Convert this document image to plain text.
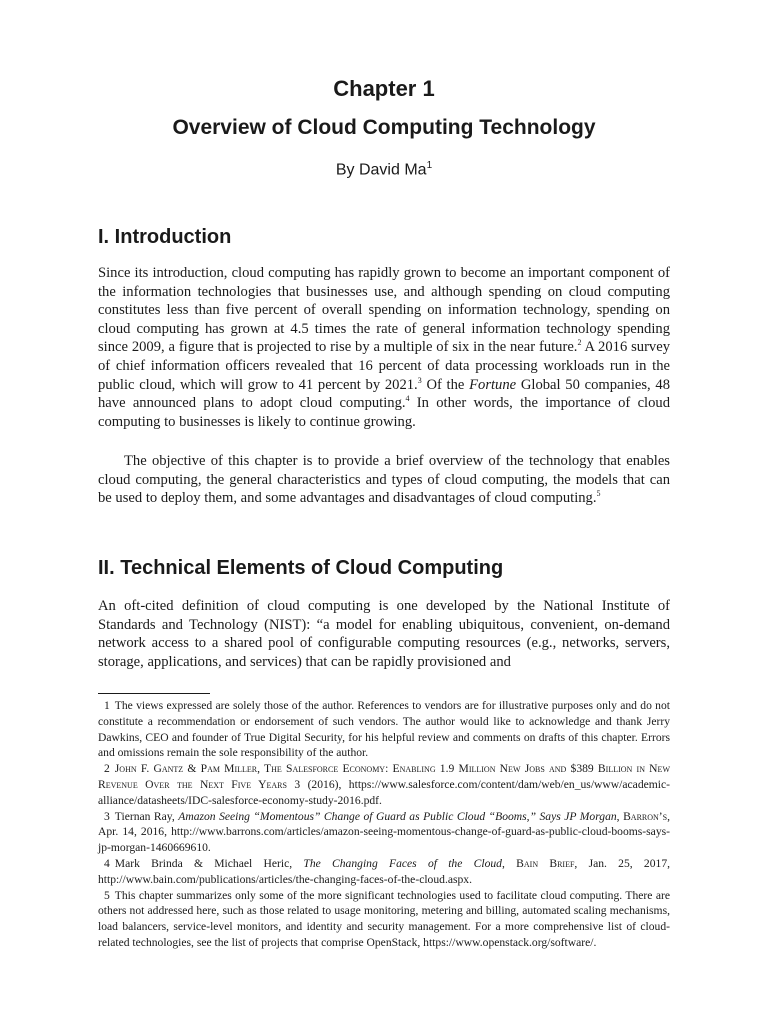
Chapter 1
Overview of Cloud Computing Technology
By David Ma$^1$
I. Introduction

Since its introduction, cloud computing has rapidly grown to become an important component of the information technologies that businesses use, and although spending on cloud computing constitutes less than five percent of overall spending on information technology, spending on cloud computing has grown at 4.5 times the rate of general information technology spending since 2009, a figure that is projected to rise by a multiple of six in the near future.$^2$ A 2016 survey of chief information officers revealed that 16 percent of data processing workloads run in the public cloud, which will grow to 41 percent by 2021.$^3$ Of the Fortune Global 50 companies, 48 have announced plans to adopt cloud computing.$^4$ In other words, the importance of cloud computing to businesses is likely to continue growing.

The objective of this chapter is to provide a brief overview of the technology that enables cloud computing, the general characteristics and types of cloud computing, the models that can be used to deploy them, and some advantages and disadvantages of cloud computing.$^5$

II. Technical Elements of Cloud Computing

An oft-cited definition of cloud computing is one developed by the National Institute of Standards and Technology (NIST): “a model for enabling ubiquitous, convenient, on-demand network access to a shared pool of configurable computing resources (e.g., networks, servers, storage, applications, and services) that can be rapidly provisioned and

1 The views expressed are solely those of the author. References to vendors are for illustrative purposes only and do not constitute a recommendation or endorsement of such vendors. The author would like to acknowledge and thank Jerry Dawkins, CEO and founder of True Digital Security, for his helpful review and comments on drafts of this chapter. Errors and omissions remain the sole responsibility of the author.

2 John F. Gantz & Pam Miller, The Salesforce Economy: Enabling 1.9 Million New Jobs and $389 Billion in New Revenue Over the Next Five Years 3 (2016), https://www.salesforce.com/content/dam/web/en_us/www/academic-alliance/datasheets/IDC-salesforce-economy-study-2016.pdf.

3 Tiernan Ray, Amazon Seeing “Momentous” Change of Guard as Public Cloud “Booms,” Says JP Morgan, Barron’s, Apr. 14, 2016, http://www.barrons.com/articles/amazon-seeing-momentous-change-of-guard-as-public-cloud-booms-says-jp-morgan-1460669610.

4 Mark Brinda & Michael Heric, The Changing Faces of the Cloud, Bain Brief, Jan. 25, 2017, http://www.bain.com/publications/articles/the-changing-faces-of-the-cloud.aspx.

5 This chapter summarizes only some of the more significant technologies used to facilitate cloud computing. There are others not addressed here, such as those related to usage monitoring, metering and billing, automated scaling mechanisms, load balancers, service-level monitors, and identity and security management. For a more comprehensive list of cloud-related technologies, see the list of projects that comprise OpenStack, https://www.openstack.org/software/.
